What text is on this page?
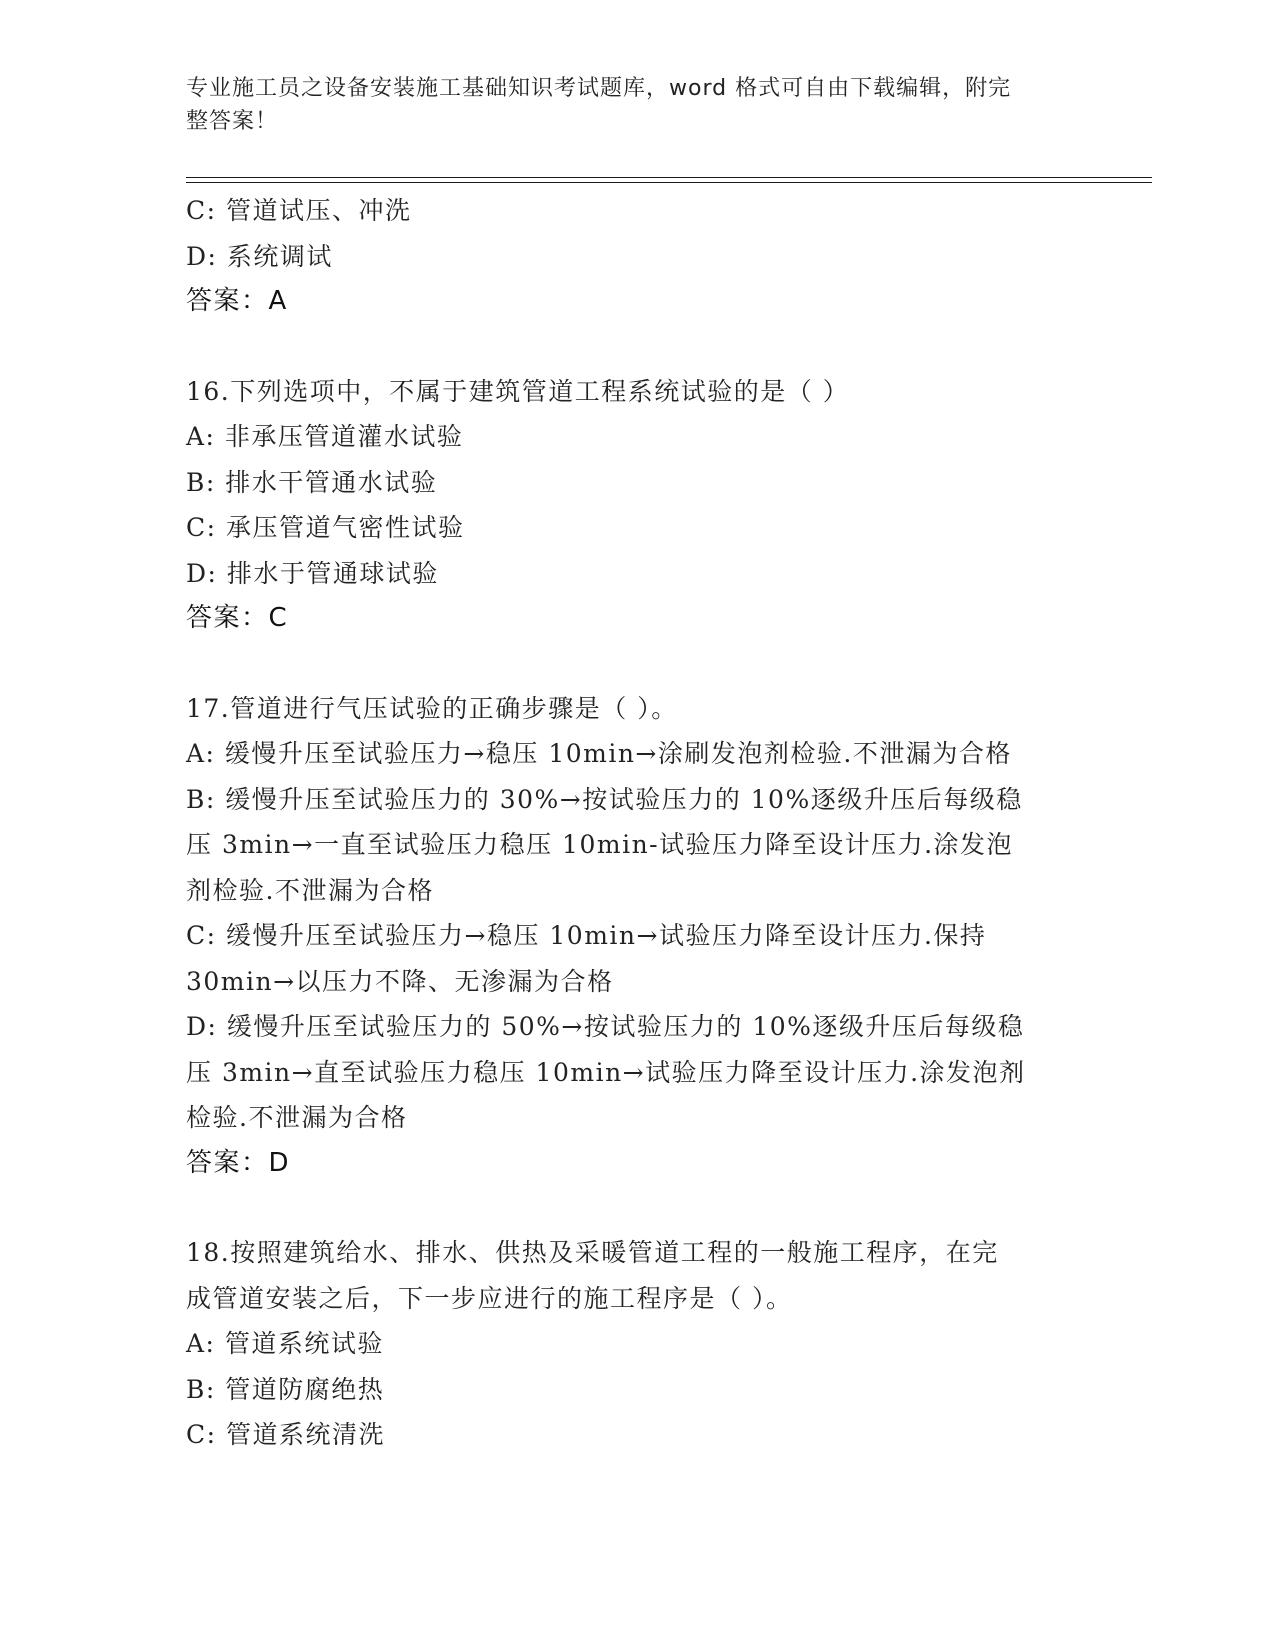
专业施工员之设备安装施工基础知识考试题库，word 格式可自由下载编辑，附完
整答案！
C: 管道试压、冲洗
D: 系统调试
答案：A
16.下列选项中，不属于建筑管道工程系统试验的是（ ）
A: 非承压管道灌水试验
B: 排水干管通水试验
C: 承压管道气密性试验
D: 排水于管通球试验
答案：C
17.管道进行气压试验的正确步骤是（ ）。
A: 缓慢升压至试验压力→稳压 10min→涂刷发泡剂检验.不泄漏为合格
B: 缓慢升压至试验压力的 30%→按试验压力的 10%逐级升压后每级稳
压 3min→一直至试验压力稳压 10min-试验压力降至设计压力.涂发泡
剂检验.不泄漏为合格
C: 缓慢升压至试验压力→稳压 10min→试验压力降至设计压力.保持
30min→以压力不降、无渗漏为合格
D: 缓慢升压至试验压力的 50%→按试验压力的 10%逐级升压后每级稳
压 3min→直至试验压力稳压 10min→试验压力降至设计压力.涂发泡剂
检验.不泄漏为合格
答案：D
18.按照建筑给水、排水、供热及采暖管道工程的一般施工程序，在完
成管道安装之后，下一步应进行的施工程序是（ ）。
A: 管道系统试验
B: 管道防腐绝热
C: 管道系统清洗
